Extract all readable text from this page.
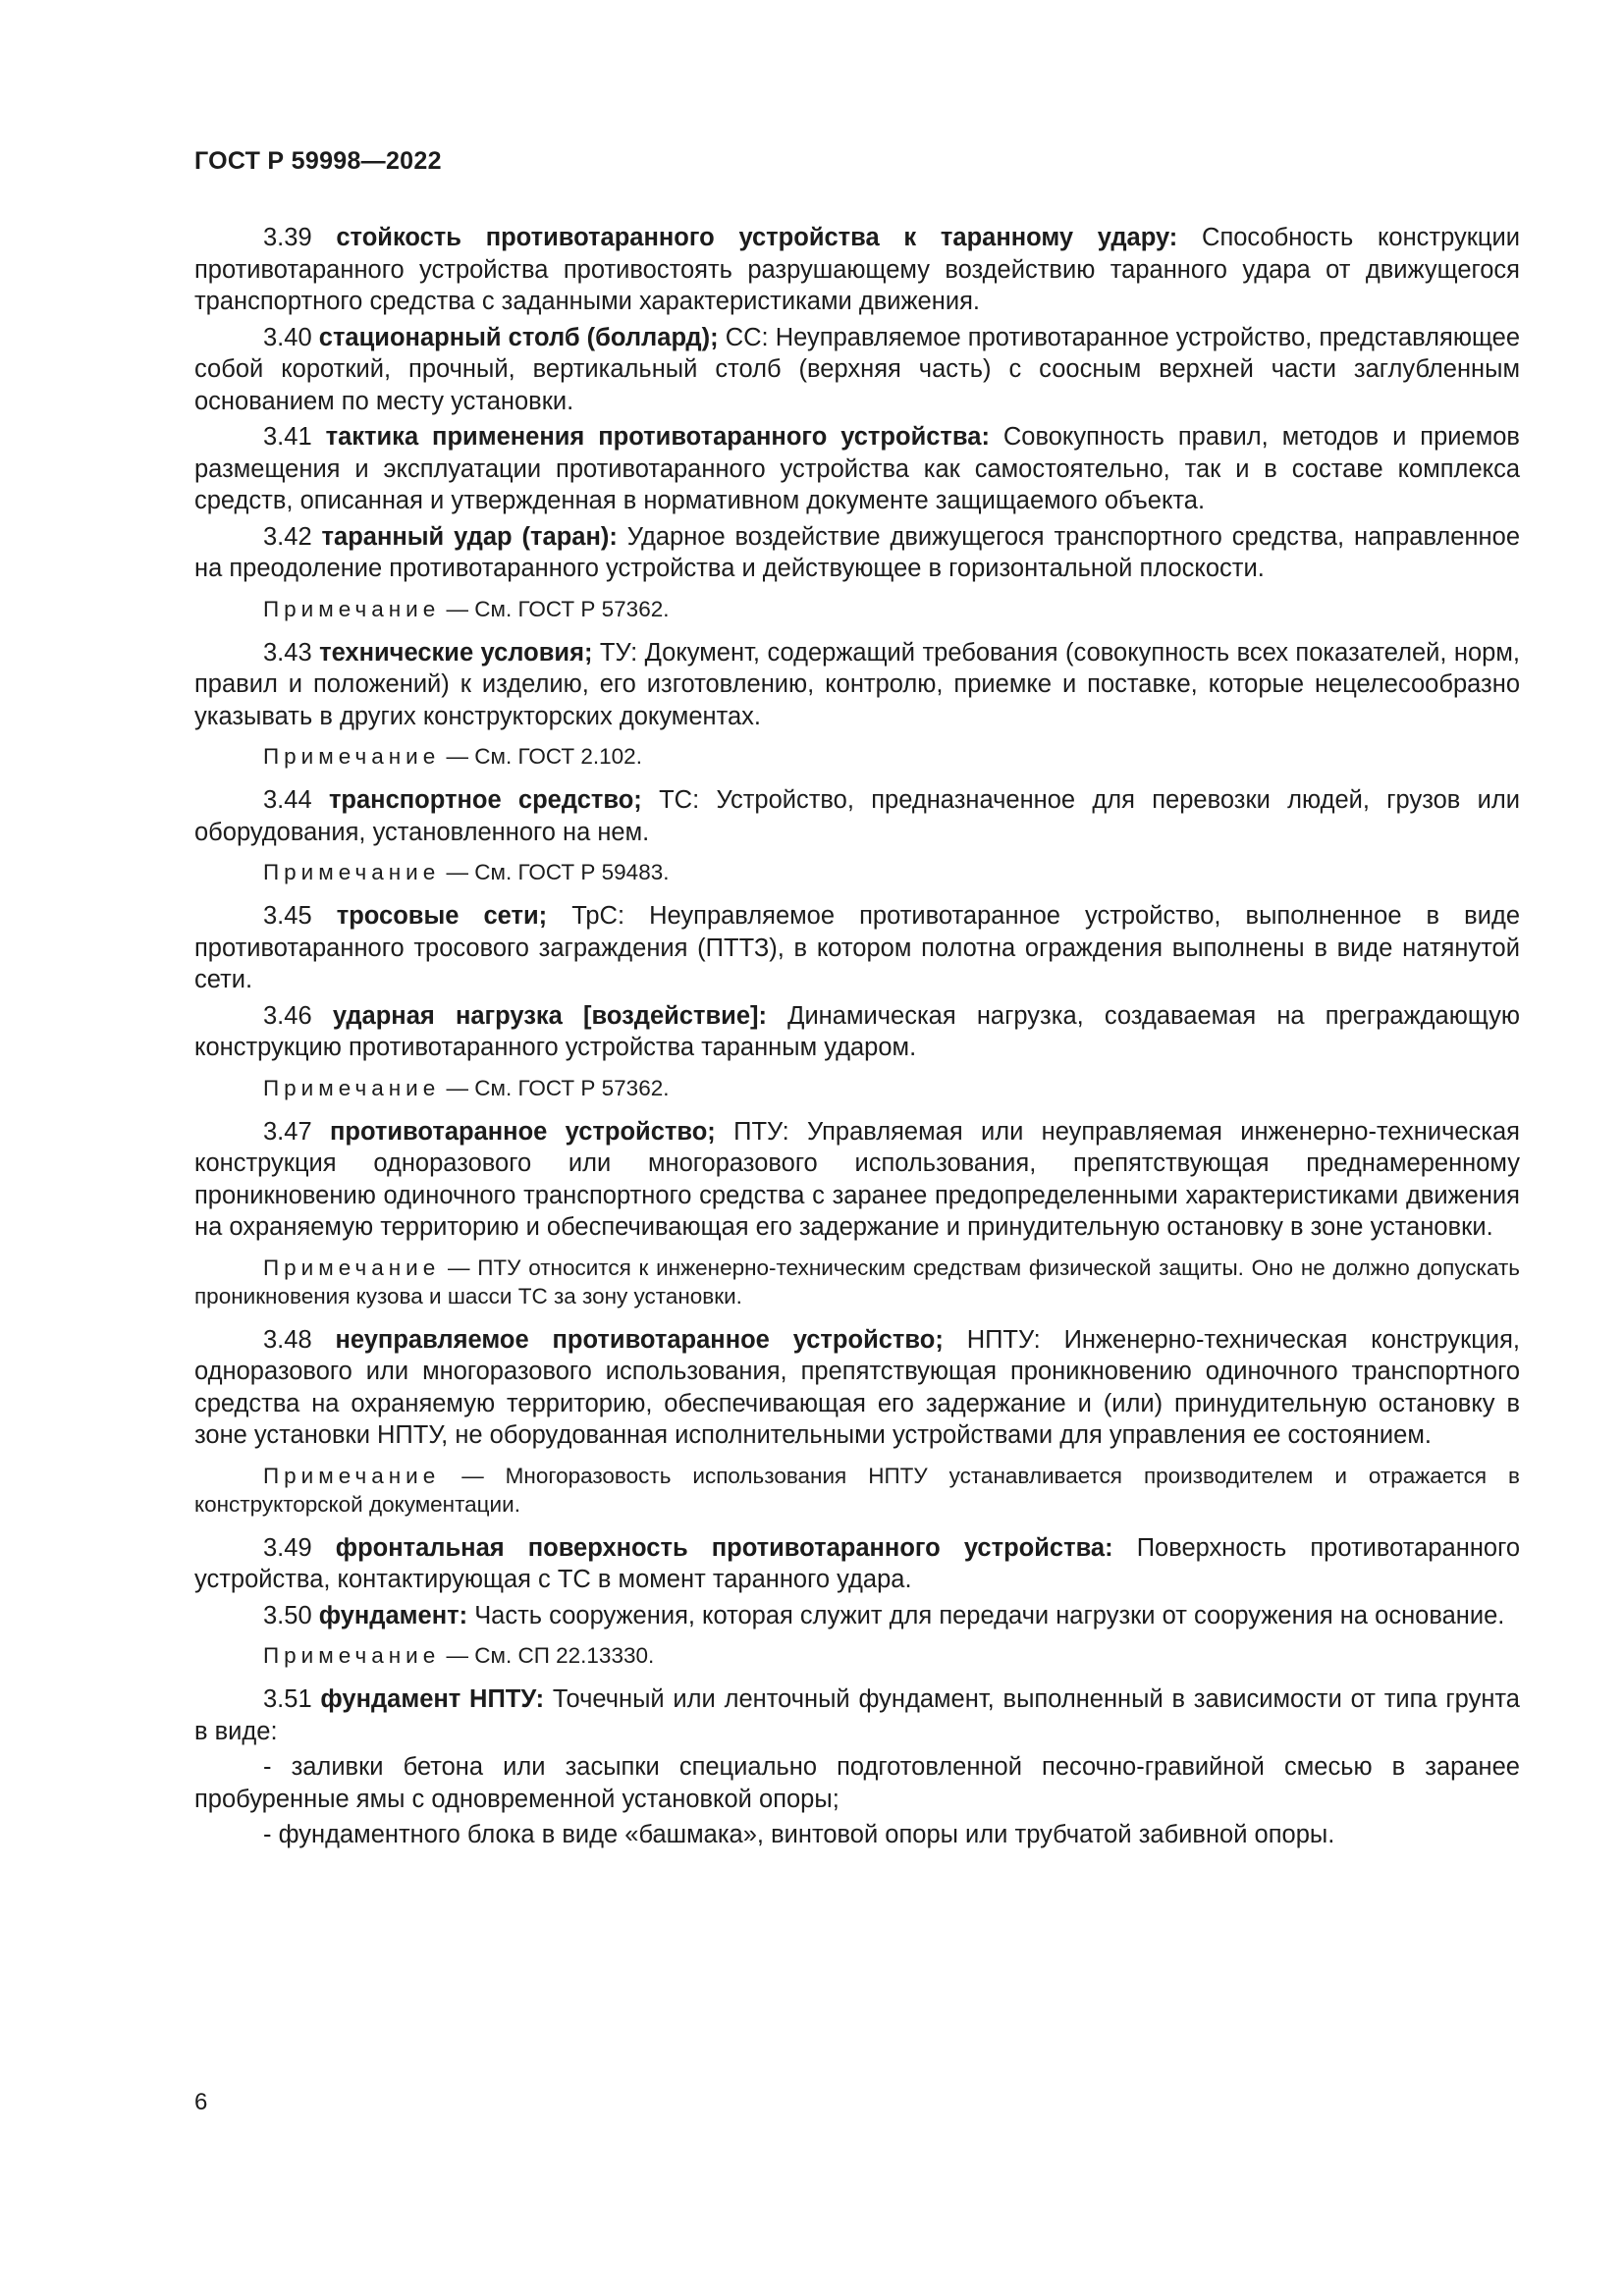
ГОСТ Р 59998—2022

3.39 стойкость противотаранного устройства к таранному удару: Способность конструкции противотаранного устройства противостоять разрушающему воздействию таранного удара от движущегося транспортного средства с заданными характеристиками движения.

3.40 стационарный столб (боллард); СС: Неуправляемое противотаранное устройство, представляющее собой короткий, прочный, вертикальный столб (верхняя часть) с соосным верхней части заглубленным основанием по месту установки.

3.41 тактика применения противотаранного устройства: Совокупность правил, методов и приемов размещения и эксплуатации противотаранного устройства как самостоятельно, так и в составе комплекса средств, описанная и утвержденная в нормативном документе защищаемого объекта.

3.42 таранный удар (таран): Ударное воздействие движущегося транспортного средства, направленное на преодоление противотаранного устройства и действующее в горизонтальной плоскости.

Примечание — См. ГОСТ Р 57362.

3.43 технические условия; ТУ: Документ, содержащий требования (совокупность всех показателей, норм, правил и положений) к изделию, его изготовлению, контролю, приемке и поставке, которые нецелесообразно указывать в других конструкторских документах.

Примечание — См. ГОСТ 2.102.

3.44 транспортное средство; ТС: Устройство, предназначенное для перевозки людей, грузов или оборудования, установленного на нем.

Примечание — См. ГОСТ Р 59483.

3.45 тросовые сети; ТрС: Неуправляемое противотаранное устройство, выполненное в виде противотаранного тросового заграждения (ПТТЗ), в котором полотна ограждения выполнены в виде натянутой сети.

3.46 ударная нагрузка [воздействие]: Динамическая нагрузка, создаваемая на преграждающую конструкцию противотаранного устройства таранным ударом.

Примечание — См. ГОСТ Р 57362.

3.47 противотаранное устройство; ПТУ: Управляемая или неуправляемая инженерно-техническая конструкция одноразового или многоразового использования, препятствующая преднамеренному проникновению одиночного транспортного средства с заранее предопределенными характеристиками движения на охраняемую территорию и обеспечивающая его задержание и принудительную остановку в зоне установки.

Примечание — ПТУ относится к инженерно-техническим средствам физической защиты. Оно не должно допускать проникновения кузова и шасси ТС за зону установки.

3.48 неуправляемое противотаранное устройство; НПТУ: Инженерно-техническая конструкция, одноразового или многоразового использования, препятствующая проникновению одиночного транспортного средства на охраняемую территорию, обеспечивающая его задержание и (или) принудительную остановку в зоне установки НПТУ, не оборудованная исполнительными устройствами для управления ее состоянием.

Примечание — Многоразовость использования НПТУ устанавливается производителем и отражается в конструкторской документации.

3.49 фронтальная поверхность противотаранного устройства: Поверхность противотаранного устройства, контактирующая с ТС в момент таранного удара.

3.50 фундамент: Часть сооружения, которая служит для передачи нагрузки от сооружения на основание.

Примечание — См. СП 22.13330.

3.51 фундамент НПТУ: Точечный или ленточный фундамент, выполненный в зависимости от типа грунта в виде:

- заливки бетона или засыпки специально подготовленной песочно-гравийной смесью в заранее пробуренные ямы с одновременной установкой опоры;

- фундаментного блока в виде «башмака», винтовой опоры или трубчатой забивной опоры.

6
